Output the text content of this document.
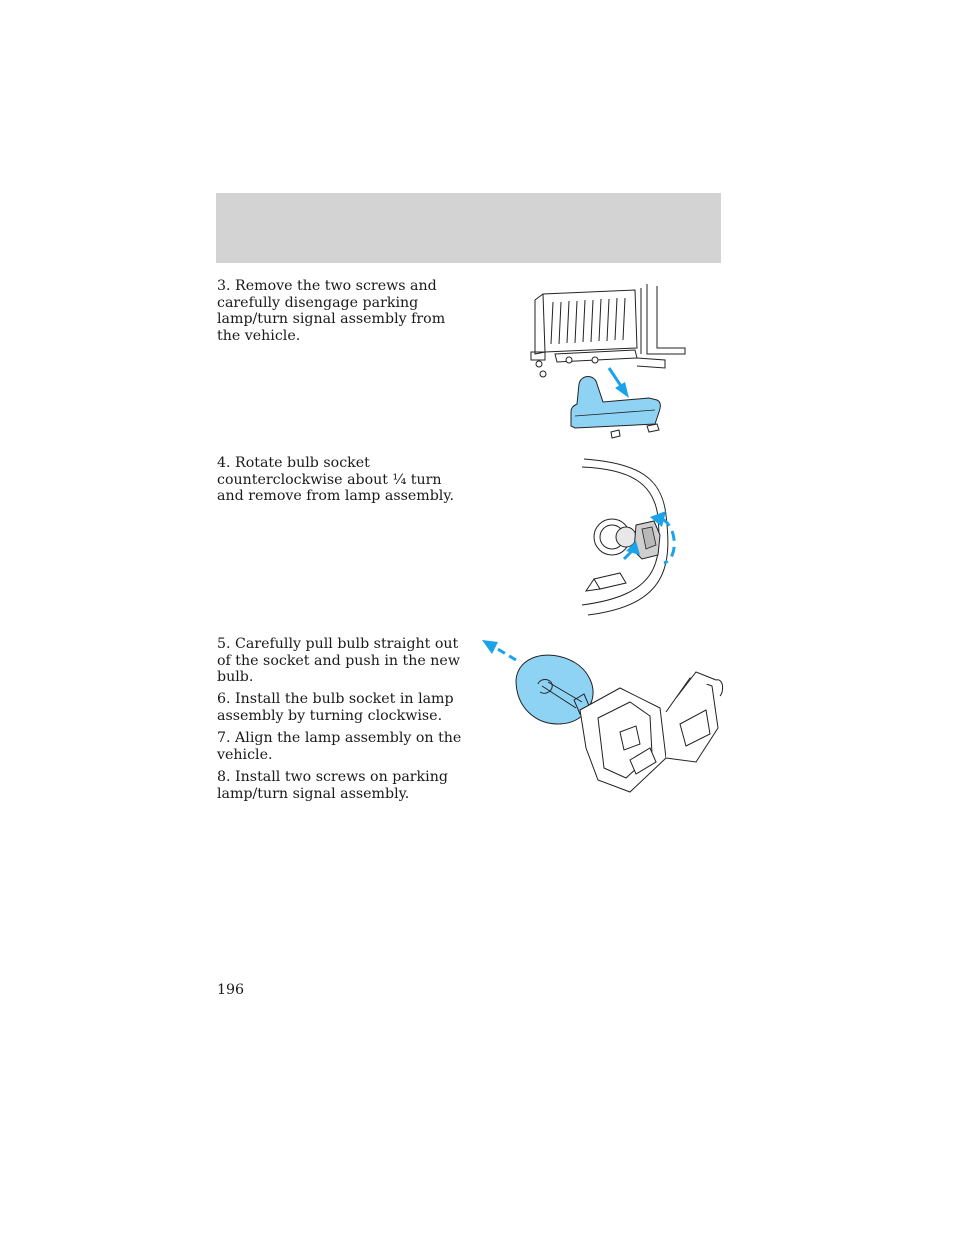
3. Remove the two screws and carefully disengage parking lamp/turn signal assembly from the vehicle.

4. Rotate bulb socket counterclockwise about ¹⁄₄ turn and remove from lamp assembly.

5. Carefully pull bulb straight out of the socket and push in the new bulb.

6. Install the bulb socket in lamp assembly by turning clockwise.

7. Align the lamp assembly on the vehicle.

8. Install two screws on parking lamp/turn signal assembly.

196
